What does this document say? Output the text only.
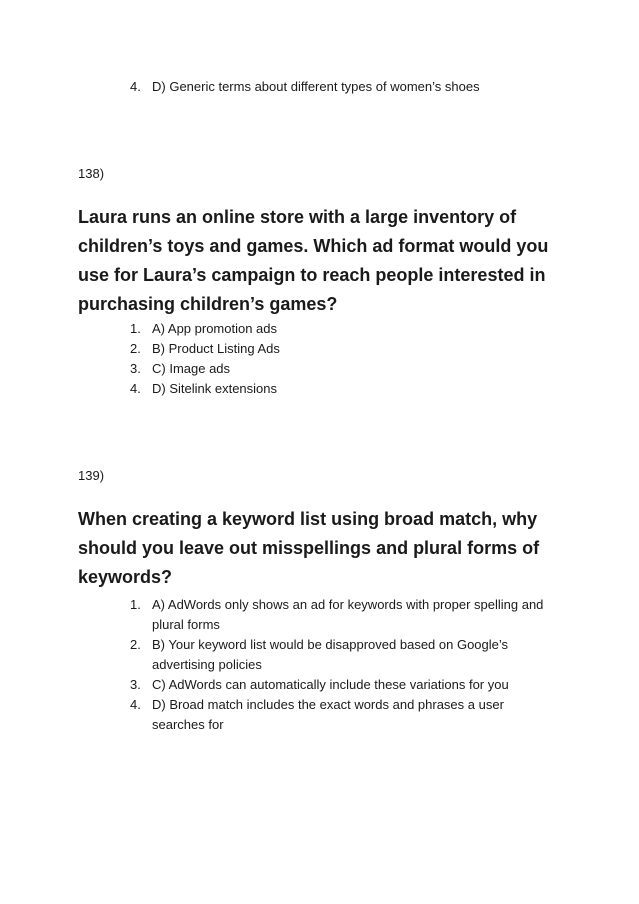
4. D) Generic terms about different types of women’s shoes
138)
Laura runs an online store with a large inventory of children’s toys and games. Which ad format would you use for Laura’s campaign to reach people interested in purchasing children’s games?
1. A) App promotion ads
2. B) Product Listing Ads
3. C) Image ads
4. D) Sitelink extensions
139)
When creating a keyword list using broad match, why should you leave out misspellings and plural forms of keywords?
1. A) AdWords only shows an ad for keywords with proper spelling and plural forms
2. B) Your keyword list would be disapproved based on Google’s advertising policies
3. C) AdWords can automatically include these variations for you
4. D) Broad match includes the exact words and phrases a user searches for
